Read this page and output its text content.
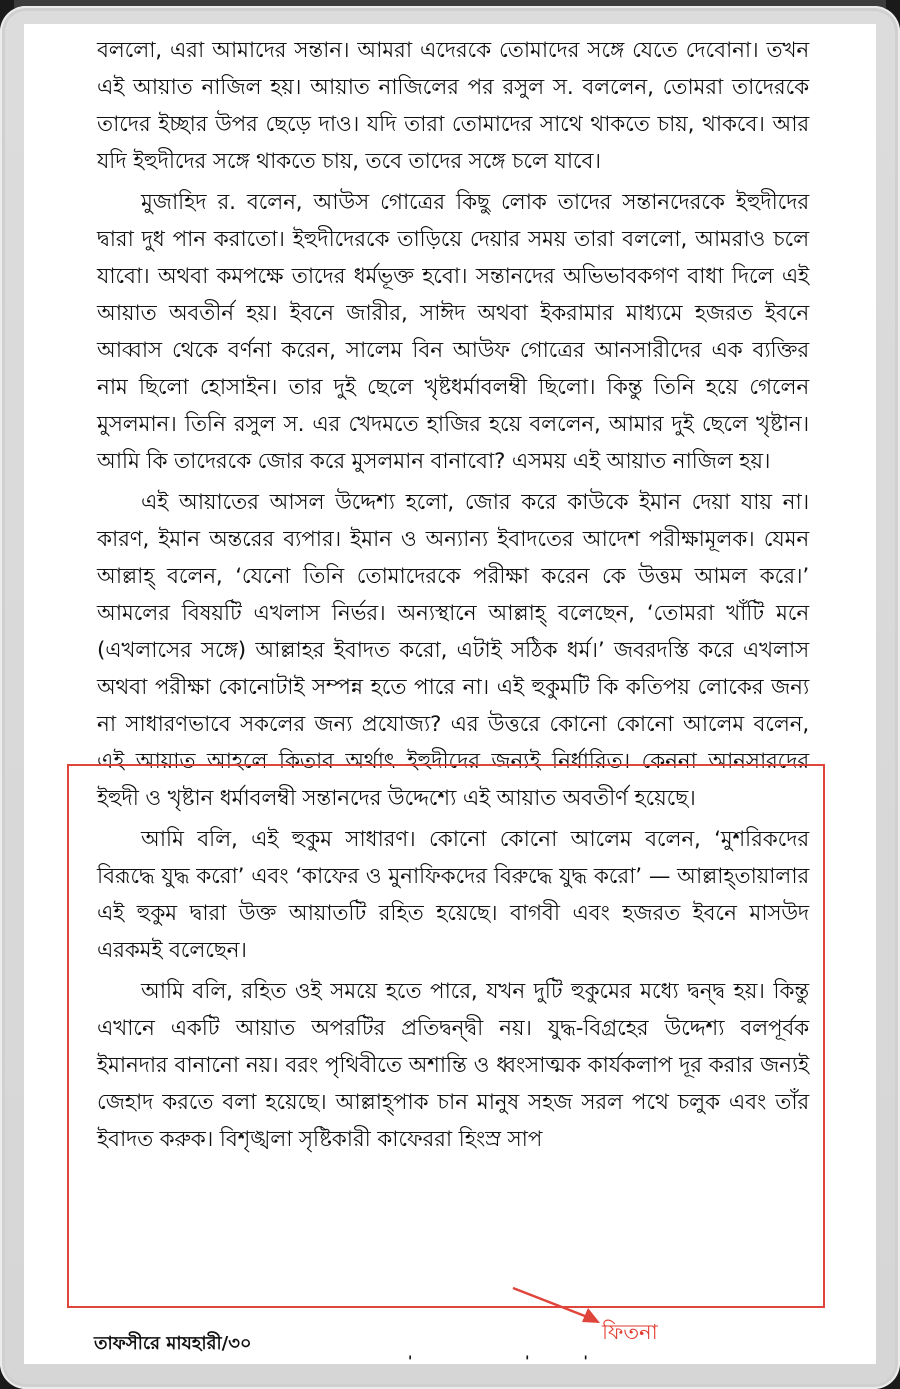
বললো, এরা আমাদের সন্তান। আমরা এদেরকে তোমাদের সঙ্গে যেতে দেবোনা। তখন এই আয়াত নাজিল হয়। আয়াত নাজিলের পর রসুল স. বললেন, তোমরা তাদেরকে তাদের ইচ্ছার উপর ছেড়ে দাও। যদি তারা তোমাদের সাথে থাকতে চায়, থাকবে। আর যদি ইহুদীদের সঙ্গে থাকতে চায়, তবে তাদের সঙ্গে চলে যাবে।

মুজাহিদ র. বলেন, আউস গোত্রের কিছু লোক তাদের সন্তানদেরকে ইহুদীদের দ্বারা দুধ পান করাতো। ইহুদীদেরকে তাড়িয়ে দেয়ার সময় তারা বললো, আমরাও চলে যাবো। অথবা কমপক্ষে তাদের ধর্মভূক্ত হবো। সন্তানদের অভিভাবকগণ বাধা দিলে এই আয়াত অবতীর্ন হয়। ইবনে জারীর, সাঈদ অথবা ইকরামার মাধ্যমে হজরত ইবনে আব্বাস থেকে বর্ণনা করেন, সালেম বিন আউফ গোত্রের আনসারীদের এক ব্যক্তির নাম ছিলো হোসাইন। তার দুই ছেলে খৃষ্টধর্মাবলম্বী ছিলো। কিন্তু তিনি হয়ে গেলেন মুসলমান। তিনি রসুল স. এর খেদমতে হাজির হয়ে বললেন, আমার দুই ছেলে খৃষ্টান। আমি কি তাদেরকে জোর করে মুসলমান বানাবো? এসময় এই আয়াত নাজিল হয়।

এই আয়াতের আসল উদ্দেশ্য হলো, জোর করে কাউকে ইমান দেয়া যায় না। কারণ, ইমান অন্তরের ব্যপার। ইমান ও অন্যান্য ইবাদতের আদেশ পরীক্ষামূলক। যেমন আল্লাহ্ বলেন, ‘যেনো তিনি তোমাদেরকে পরীক্ষা করেন কে উত্তম আমল করে।’ আমলের বিষয়টি এখলাস নির্ভর। অন্যস্থানে আল্লাহ্ বলেছেন, ‘তোমরা খাঁটি মনে (এখলাসের সঙ্গে) আল্লাহর ইবাদত করো, এটাই সঠিক ধর্ম।’ জবরদস্তি করে এখলাস অথবা পরীক্ষা কোনোটাই সম্পন্ন হতে পারে না। এই হুকুমটি কি কতিপয় লোকের জন্য না সাধারণভাবে সকলের জন্য প্রযোজ্য? এর উত্তরে কোনো কোনো আলেম বলেন, এই আয়াত আহলে কিতাব অর্থাৎ ইহুদীদের জন্যই নির্ধারিত। কেননা আনসারদের ইহুদী ও খৃষ্টান ধর্মাবলম্বী সন্তানদের উদ্দেশ্যে এই আয়াত অবতীর্ণ হয়েছে।

আমি বলি, এই হুকুম সাধারণ। কোনো কোনো আলেম বলেন, ‘মুশরিকদের বিরূদ্ধে যুদ্ধ করো’ এবং ‘কাফের ও মুনাফিকদের বিরুদ্ধে যুদ্ধ করো’ — আল্লাহ্তায়ালার এই হুকুম দ্বারা উক্ত আয়াতটি রহিত হয়েছে। বাগবী এবং হজরত ইবনে মাসউদ এরকমই বলেছেন।

আমি বলি, রহিত ওই সময়ে হতে পারে, যখন দুটি হুকুমের মধ্যে দ্বন্দ্ব হয়। কিন্তু এখানে একটি আয়াত অপরটির প্রতিদ্বন্দ্বী নয়। যুদ্ধ-বিগ্রহের উদ্দেশ্য বলপূর্বক ইমানদার বানানো নয়। বরং পৃথিবীতে অশান্তি ও ধ্বংসাত্মক কার্যকলাপ দূর করার জন্যই জেহাদ করতে বলা হয়েছে। আল্লাহ্পাক চান মানুষ সহজ সরল পথে চলুক এবং তাঁর ইবাদত করুক। বিশৃঙ্খলা সৃষ্টিকারী কাফেররা হিংস্র সাপ

ফিতনা
তাফসীরে মাযহারী/৩০
' ''
